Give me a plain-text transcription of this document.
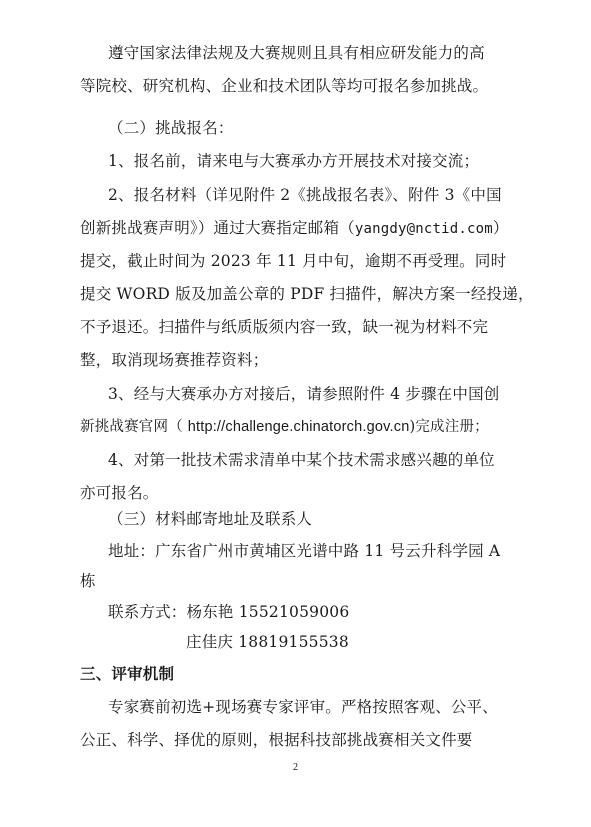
遵守国家法律法规及大赛规则且具有相应研发能力的高
等院校、研究机构、企业和技术团队等均可报名参加挑战。
（二）挑战报名：
1、报名前，请来电与大赛承办方开展技术对接交流；
2、报名材料（详见附件 2《挑战报名表》、附件 3《中国
创新挑战赛声明》）通过大赛指定邮箱（yangdy@nctid.com）
提交，截止时间为 2023 年 11 月中旬，逾期不再受理。同时
提交 WORD 版及加盖公章的 PDF 扫描件，解决方案一经投递，
不予退还。扫描件与纸质版须内容一致，缺一视为材料不完
整，取消现场赛推荐资料；
3、经与大赛承办方对接后，请参照附件 4 步骤在中国创
新挑战赛官网（ http://challenge.chinatorch.gov.cn)完成注册；
4、对第一批技术需求清单中某个技术需求感兴趣的单位
亦可报名。
（三）材料邮寄地址及联系人
地址：广东省广州市黄埔区光谱中路 11 号云升科学园 A
栋
联系方式：杨东艳 15521059006
庄佳庆 18819155538
三、评审机制
专家赛前初选+现场赛专家评审。严格按照客观、公平、
公正、科学、择优的原则，根据科技部挑战赛相关文件要
2
